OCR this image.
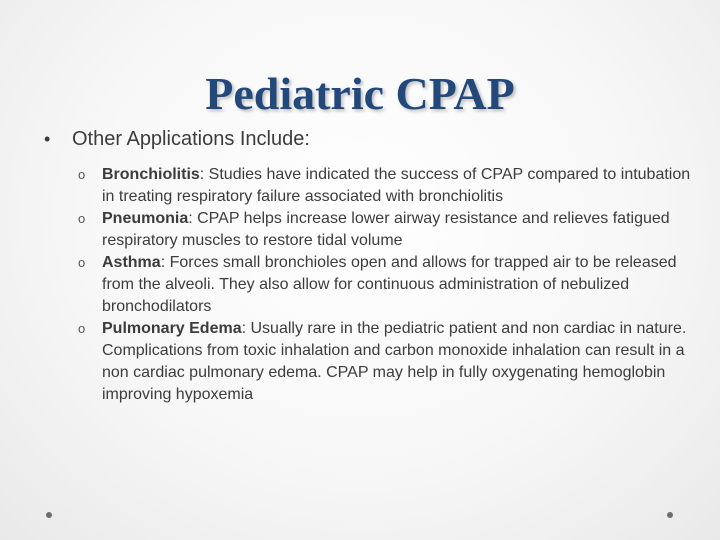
Pediatric CPAP
•	Other Applications Include:
o	Bronchiolitis: Studies have indicated the success of CPAP compared to intubation in treating respiratory failure associated with bronchiolitis
o	Pneumonia: CPAP helps increase lower airway resistance and relieves fatigued respiratory muscles to restore tidal volume
o	Asthma: Forces small bronchioles open and allows for trapped air to be released from the alveoli. They also allow for continuous administration of nebulized bronchodilators
o	Pulmonary Edema: Usually rare in the pediatric patient and non cardiac in nature. Complications from toxic inhalation and carbon monoxide inhalation can result in a non cardiac pulmonary edema. CPAP may help in fully oxygenating hemoglobin improving hypoxemia
